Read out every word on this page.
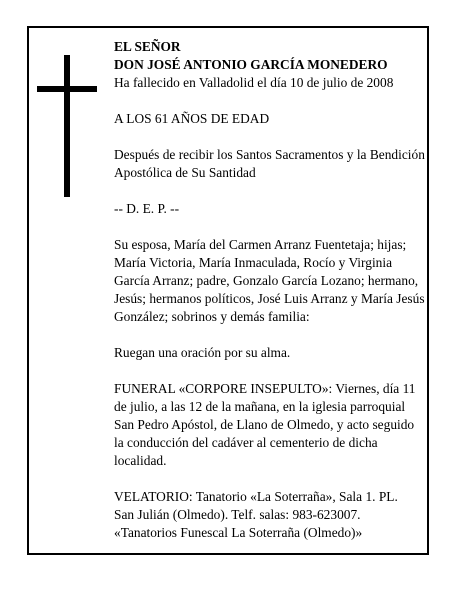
EL SEÑOR

DON JOSÉ ANTONIO GARCÍA MONEDERO

Ha fallecido en Valladolid el día 10 de julio de 2008

A LOS 61 AÑOS DE EDAD

Después de recibir los Santos Sacramentos y la Bendición Apostólica de Su Santidad

-- D. E. P. --

Su esposa, María del Carmen Arranz Fuentetaja; hijas; María Victoria, María Inmaculada, Rocío y Virginia García Arranz; padre, Gonzalo García Lozano; hermano, Jesús; hermanos políticos, José Luis Arranz y María Jesús González; sobrinos y demás familia:

Ruegan una oración por su alma.

FUNERAL «CORPORE INSEPULTO»: Viernes, día 11 de julio, a las 12 de la mañana, en la iglesia parroquial San Pedro Apóstol, de Llano de Olmedo, y acto seguido la conducción del cadáver al cementerio de dicha localidad.

VELATORIO: Tanatorio «La Soterraña», Sala 1. PL.

San Julián (Olmedo). Telf. salas: 983-623007.

«Tanatorios Funescal La Soterraña (Olmedo)»
